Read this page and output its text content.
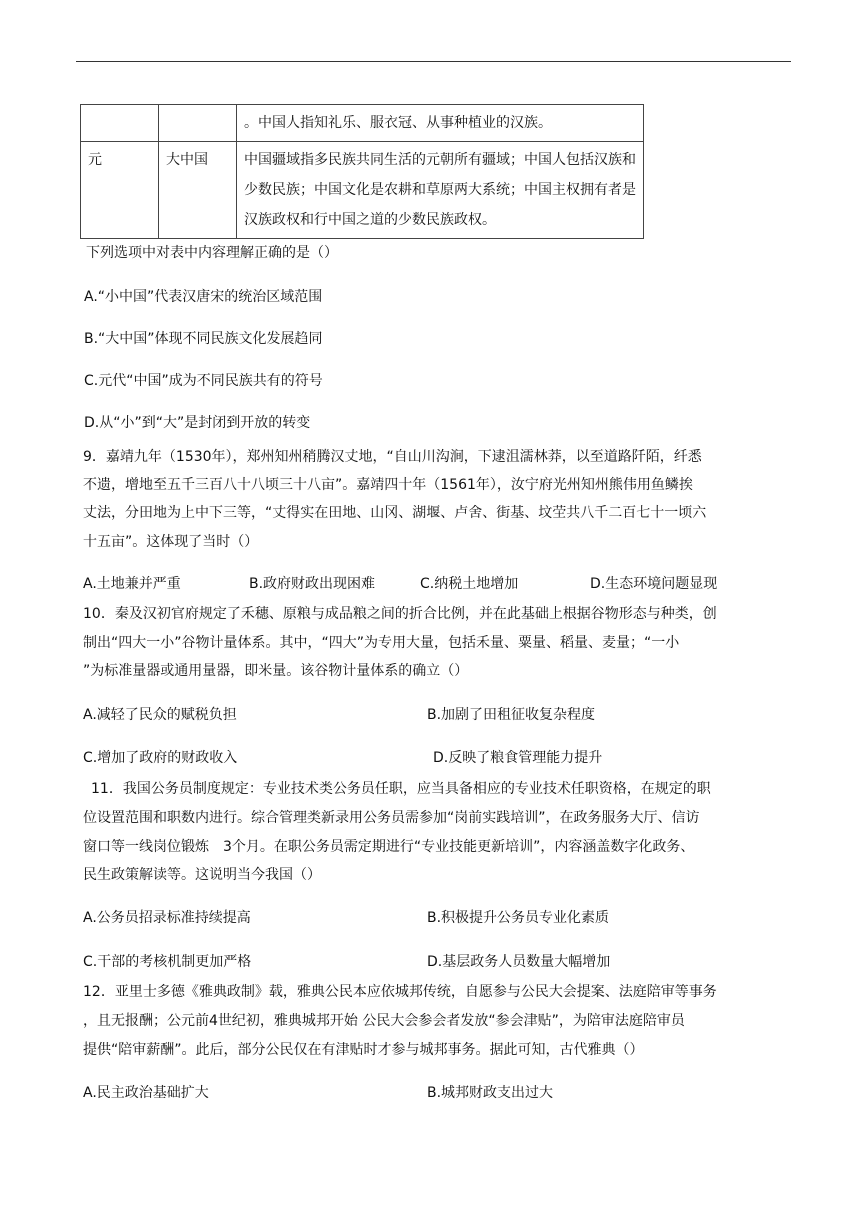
		。中国人指知礼乐、服衣冠、从事种植业的汉族。
元	大中国	中国疆域指多民族共同生活的元朝所有疆域；中国人包括汉族和少数民族；中国文化是农耕和草原两大系统；中国主权拥有者是汉族政权和行中国之道的少数民族政权。
下列选项中对表中内容理解正确的是（）
A.“小中国”代表汉唐宋的统治区域范围
B.“大中国”体现不同民族文化发展趋同
C.元代“中国”成为不同民族共有的符号
D.从“小”到“大”是封闭到开放的转变
9．嘉靖九年（1530年），郑州知州稍腾汉丈地，“自山川沟涧，下逮沮濡林莽，以至道路阡陌，纤悉
不遗，增地至五千三百八十八顷三十八亩”。嘉靖四十年（1561年），汝宁府光州知州熊伟用鱼鳞挨
丈法，分田地为上中下三等，“丈得实在田地、山冈、湖堰、卢舍、街基、坟茔共八千二百七十一顷六
十五亩”。这体现了当时（）
A.土地兼并严重	B.政府财政出现困难	C.纳税土地增加	D.生态环境问题显现
10．秦及汉初官府规定了禾穗、原粮与成品粮之间的折合比例，并在此基础上根据谷物形态与种类，创
制出“四大一小”谷物计量体系。其中，“四大”为专用大量，包括禾量、粟量、稻量、麦量；“一小
”为标准量器或通用量器，即米量。该谷物计量体系的确立（）
A.减轻了民众的赋税负担	B.加剧了田租征收复杂程度
C.增加了政府的财政收入	D.反映了粮食管理能力提升
11．我国公务员制度规定：专业技术类公务员任职，应当具备相应的专业技术任职资格，在规定的职
位设置范围和职数内进行。综合管理类新录用公务员需参加“岗前实践培训”，在政务服务大厅、信访
窗口等一线岗位锻炼　3个月。在职公务员需定期进行“专业技能更新培训”，内容涵盖数字化政务、
民生政策解读等。这说明当今我国（）
A.公务员招录标准持续提高	B.积极提升公务员专业化素质
C.干部的考核机制更加严格	D.基层政务人员数量大幅增加
12．亚里士多德《雅典政制》载，雅典公民本应依城邦传统，自愿参与公民大会提案、法庭陪审等事务
，且无报酬；公元前4世纪初，雅典城邦开始 公民大会参会者发放“参会津贴”，为陪审法庭陪审员
提供“陪审薪酬”。此后，部分公民仅在有津贴时才参与城邦事务。据此可知，古代雅典（）
A.民主政治基础扩大	B.城邦财政支出过大
